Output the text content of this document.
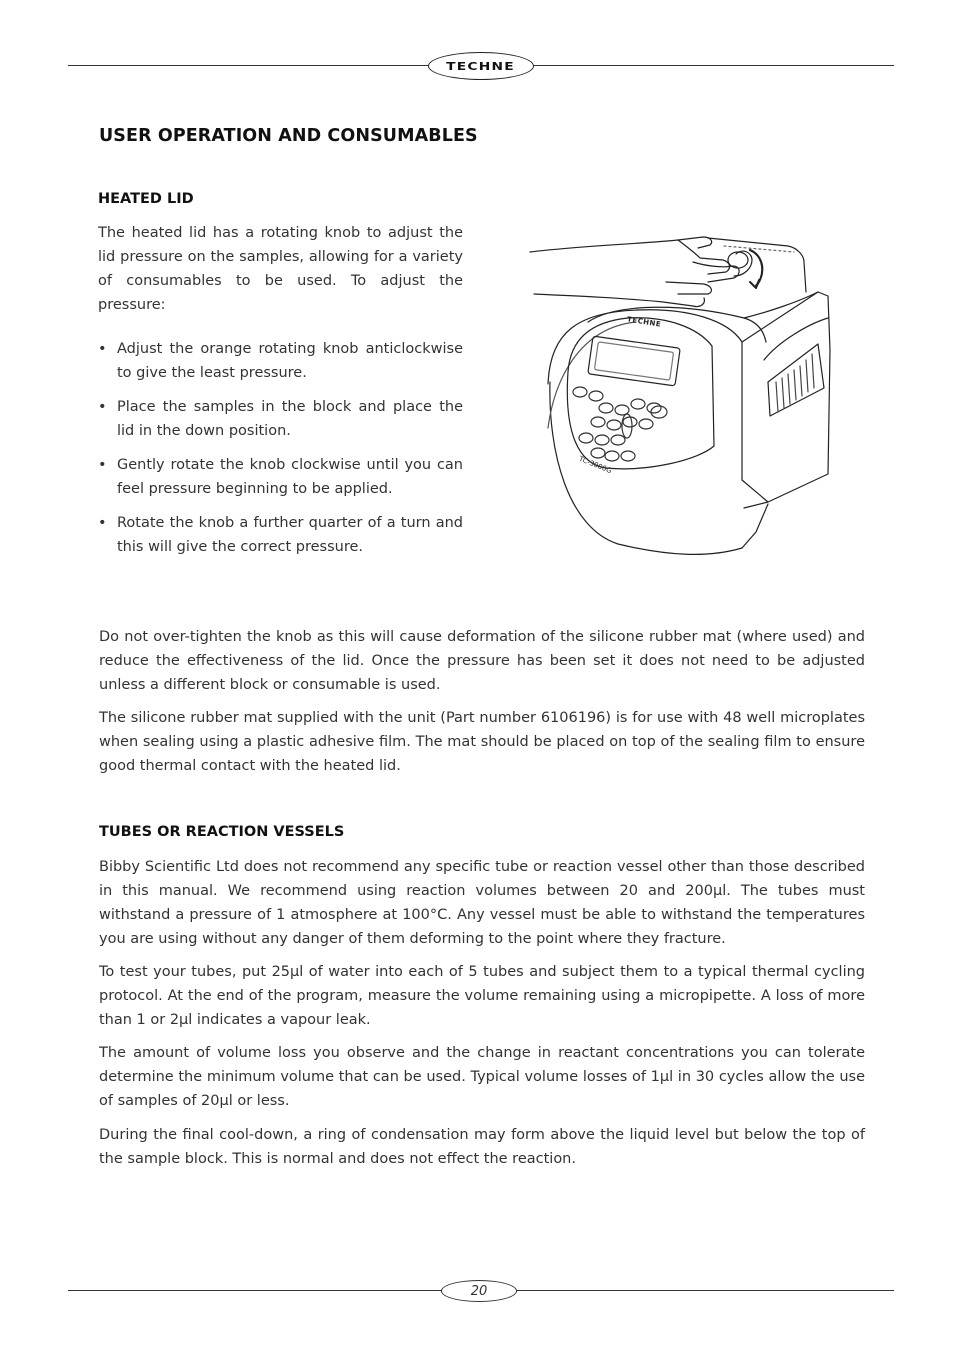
TECHNE
USER OPERATION AND CONSUMABLES
HEATED LID

The heated lid has a rotating knob to adjust the lid pressure on the samples, allowing for a variety of consumables to be used. To adjust the pressure:

• Adjust the orange rotating knob anticlockwise to give the least pressure.
• Place the samples in the block and place the lid in the down position.
• Gently rotate the knob clockwise until you can feel pressure beginning to be applied.
• Rotate the knob a further quarter of a turn and this will give the correct pressure.
TECHNE
TC-3000G

Do not over-tighten the knob as this will cause deformation of the silicone rubber mat (where used) and reduce the effectiveness of the lid. Once the pressure has been set it does not need to be adjusted unless a different block or consumable is used.

The silicone rubber mat supplied with the unit (Part number 6106196) is for use with 48 well microplates when sealing using a plastic adhesive film. The mat should be placed on top of the sealing film to ensure good thermal contact with the heated lid.

TUBES OR REACTION VESSELS

Bibby Scientific Ltd does not recommend any specific tube or reaction vessel other than those described in this manual. We recommend using reaction volumes between 20 and 200µl. The tubes must withstand a pressure of 1 atmosphere at 100°C. Any vessel must be able to withstand the temperatures you are using without any danger of them deforming to the point where they fracture.

To test your tubes, put 25µl of water into each of 5 tubes and subject them to a typical thermal cycling protocol. At the end of the program, measure the volume remaining using a micropipette. A loss of more than 1 or 2µl indicates a vapour leak.

The amount of volume loss you observe and the change in reactant concentrations you can tolerate determine the minimum volume that can be used. Typical volume losses of 1µl in 30 cycles allow the use of samples of 20µl or less.

During the final cool-down, a ring of condensation may form above the liquid level but below the top of the sample block. This is normal and does not effect the reaction.

20
